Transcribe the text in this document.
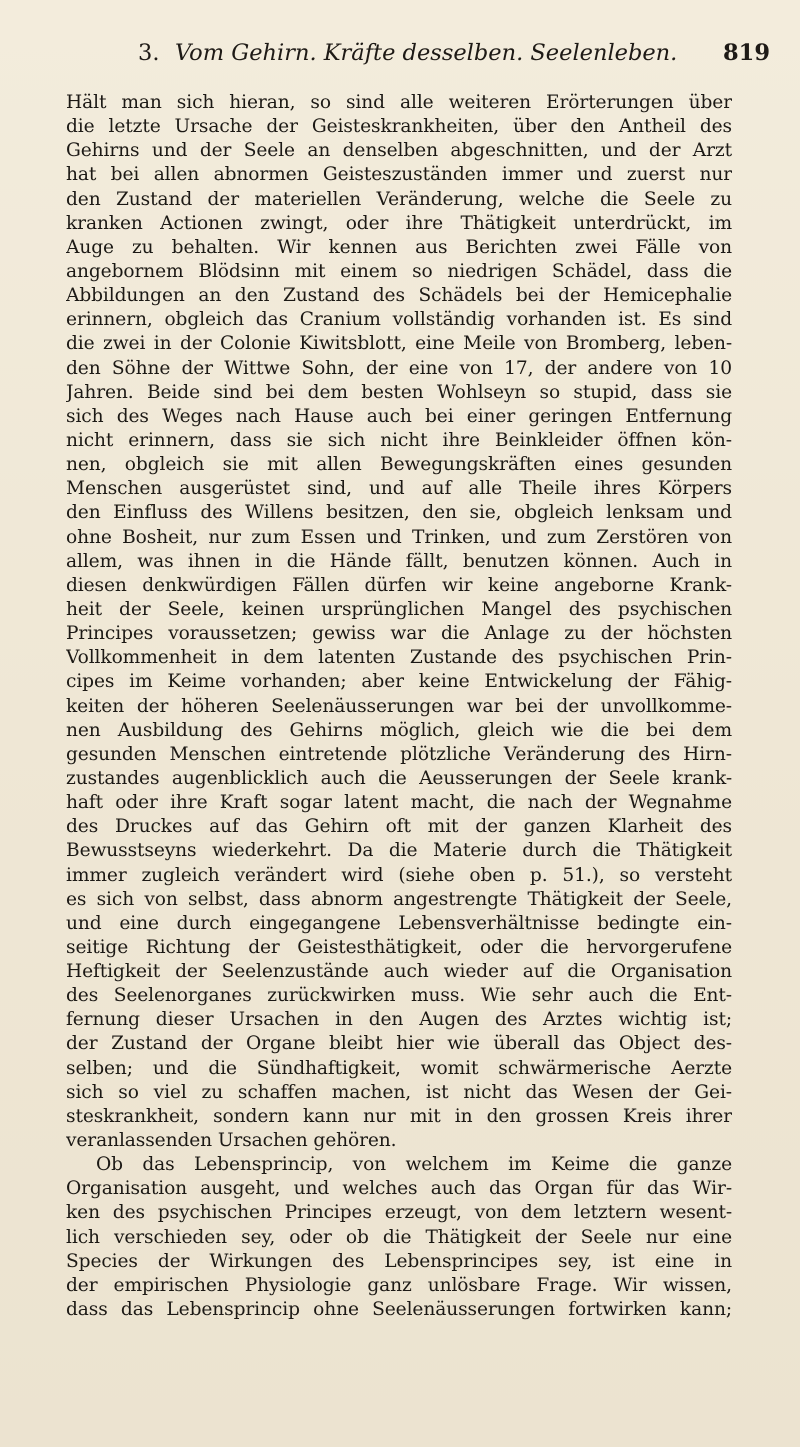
3. Vom Gehirn. Kräfte desselben. Seelenleben. 819
Hält man sich hieran, so sind alle weiteren Erörterungen über
die letzte Ursache der Geisteskrankheiten, über den Antheil des
Gehirns und der Seele an denselben abgeschnitten, und der Arzt
hat bei allen abnormen Geisteszuständen immer und zuerst nur
den Zustand der materiellen Veränderung, welche die Seele zu
kranken Actionen zwingt, oder ihre Thätigkeit unterdrückt, im
Auge zu behalten. Wir kennen aus Berichten zwei Fälle von
angebornem Blödsinn mit einem so niedrigen Schädel, dass die
Abbildungen an den Zustand des Schädels bei der Hemicephalie
erinnern, obgleich das Cranium vollständig vorhanden ist. Es sind
die zwei in der Colonie Kiwitsblott, eine Meile von Bromberg, leben-
den Söhne der Wittwe Sohn, der eine von 17, der andere von 10
Jahren. Beide sind bei dem besten Wohlseyn so stupid, dass sie
sich des Weges nach Hause auch bei einer geringen Entfernung
nicht erinnern, dass sie sich nicht ihre Beinkleider öffnen kön-
nen, obgleich sie mit allen Bewegungskräften eines gesunden
Menschen ausgerüstet sind, und auf alle Theile ihres Körpers
den Einfluss des Willens besitzen, den sie, obgleich lenksam und
ohne Bosheit, nur zum Essen und Trinken, und zum Zerstören von
allem, was ihnen in die Hände fällt, benutzen können. Auch in
diesen denkwürdigen Fällen dürfen wir keine angeborne Krank-
heit der Seele, keinen ursprünglichen Mangel des psychischen
Principes voraussetzen; gewiss war die Anlage zu der höchsten
Vollkommenheit in dem latenten Zustande des psychischen Prin-
cipes im Keime vorhanden; aber keine Entwickelung der Fähig-
keiten der höheren Seelenäusserungen war bei der unvollkomme-
nen Ausbildung des Gehirns möglich, gleich wie die bei dem
gesunden Menschen eintretende plötzliche Veränderung des Hirn-
zustandes augenblicklich auch die Aeusserungen der Seele krank-
haft oder ihre Kraft sogar latent macht, die nach der Wegnahme
des Druckes auf das Gehirn oft mit der ganzen Klarheit des
Bewusstseyns wiederkehrt. Da die Materie durch die Thätigkeit
immer zugleich verändert wird (siehe oben p. 51.), so versteht
es sich von selbst, dass abnorm angestrengte Thätigkeit der Seele,
und eine durch eingegangene Lebensverhältnisse bedingte ein-
seitige Richtung der Geistesthätigkeit, oder die hervorgerufene
Heftigkeit der Seelenzustände auch wieder auf die Organisation
des Seelenorganes zurückwirken muss. Wie sehr auch die Ent-
fernung dieser Ursachen in den Augen des Arztes wichtig ist;
der Zustand der Organe bleibt hier wie überall das Object des-
selben; und die Sündhaftigkeit, womit schwärmerische Aerzte
sich so viel zu schaffen machen, ist nicht das Wesen der Gei-
steskrankheit, sondern kann nur mit in den grossen Kreis ihrer
veranlassenden Ursachen gehören.
Ob das Lebensprincip, von welchem im Keime die ganze
Organisation ausgeht, und welches auch das Organ für das Wir-
ken des psychischen Principes erzeugt, von dem letztern wesent-
lich verschieden sey, oder ob die Thätigkeit der Seele nur eine
Species der Wirkungen des Lebensprincipes sey, ist eine in
der empirischen Physiologie ganz unlösbare Frage. Wir wissen,
dass das Lebensprincip ohne Seelenäusserungen fortwirken kann;
